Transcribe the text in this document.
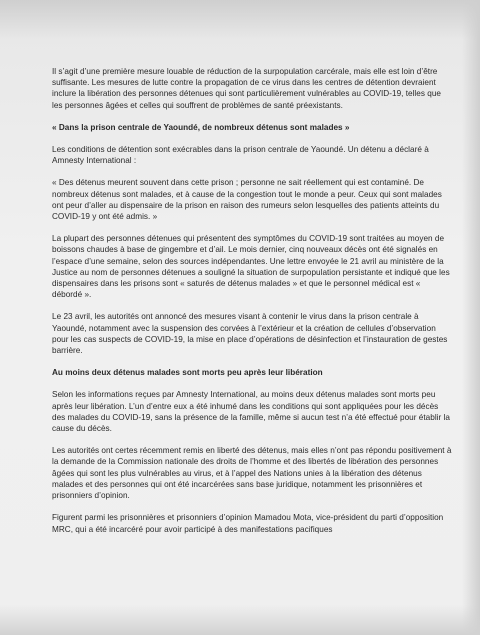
Il s’agit d’une première mesure louable de réduction de la surpopulation carcérale, mais elle est loin d’être suffisante. Les mesures de lutte contre la propagation de ce virus dans les centres de détention devraient inclure la libération des personnes détenues qui sont particulièrement vulnérables au COVID-19, telles que les personnes âgées et celles qui souffrent de problèmes de santé préexistants.

« Dans la prison centrale de Yaoundé, de nombreux détenus sont malades »

Les conditions de détention sont exécrables dans la prison centrale de Yaoundé. Un détenu a déclaré à Amnesty International :

« Des détenus meurent souvent dans cette prison ; personne ne sait réellement qui est contaminé. De nombreux détenus sont malades, et à cause de la congestion tout le monde a peur. Ceux qui sont malades ont peur d’aller au dispensaire de la prison en raison des rumeurs selon lesquelles des patients atteints du COVID-19 y ont été admis. »

La plupart des personnes détenues qui présentent des symptômes du COVID-19 sont traitées au moyen de boissons chaudes à base de gingembre et d’ail. Le mois dernier, cinq nouveaux décès ont été signalés en l’espace d’une semaine, selon des sources indépendantes. Une lettre envoyée le 21 avril au ministère de la Justice au nom de personnes détenues a souligné la situation de surpopulation persistante et indiqué que les dispensaires dans les prisons sont « saturés de détenus malades » et que le personnel médical est « débordé ».

Le 23 avril, les autorités ont annoncé des mesures visant à contenir le virus dans la prison centrale à Yaoundé, notamment avec la suspension des corvées à l’extérieur et la création de cellules d’observation pour les cas suspects de COVID-19, la mise en place d’opérations de désinfection et l’instauration de gestes barrière.

Au moins deux détenus malades sont morts peu après leur libération

Selon les informations reçues par Amnesty International, au moins deux détenus malades sont morts peu après leur libération. L’un d’entre eux a été inhumé dans les conditions qui sont appliquées pour les décès des malades du COVID-19, sans la présence de la famille, même si aucun test n’a été effectué pour établir la cause du décès.

Les autorités ont certes récemment remis en liberté des détenus, mais elles n’ont pas répondu positivement à la demande de la Commission nationale des droits de l’homme et des libertés de libération des personnes âgées qui sont les plus vulnérables au virus, et à l’appel des Nations unies à la libération des détenus malades et des personnes qui ont été incarcérées sans base juridique, notamment les prisonnières et prisonniers d’opinion.

Figurent parmi les prisonnières et prisonniers d’opinion Mamadou Mota, vice-président du parti d’opposition MRC, qui a été incarcéré pour avoir participé à des manifestations pacifiques
